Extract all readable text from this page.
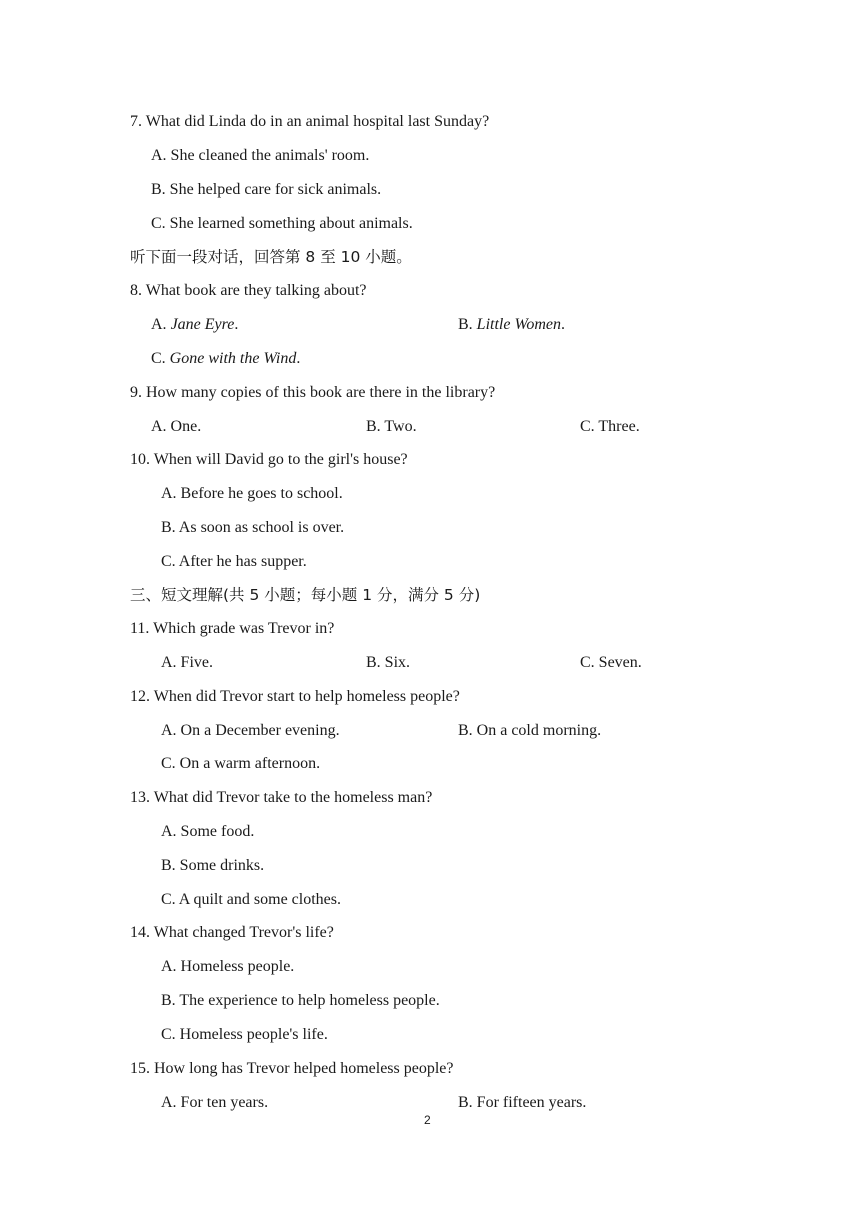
7. What did Linda do in an animal hospital last Sunday?
A. She cleaned the animals' room.
B. She helped care for sick animals.
C. She learned something about animals.
听下面一段对话，回答第 8 至 10 小题。
8. What book are they talking about?
A. Jane Eyre.	B. Little Women.
C. Gone with the Wind.
9. How many copies of this book are there in the library?
A. One.	B. Two.	C. Three.
10. When will David go to the girl's house?
A. Before he goes to school.
B. As soon as school is over.
C. After he has supper.
三、短文理解(共 5 小题；每小题 1 分，满分 5 分)
11. Which grade was Trevor in?
A. Five.	B. Six.	C. Seven.
12. When did Trevor start to help homeless people?
A. On a December evening.	B. On a cold morning.
C. On a warm afternoon.
13. What did Trevor take to the homeless man?
A. Some food.
B. Some drinks.
C. A quilt and some clothes.
14. What changed Trevor's life?
A. Homeless people.
B. The experience to help homeless people.
C. Homeless people's life.
15. How long has Trevor helped homeless people?
A. For ten years.	B. For fifteen years.
2
